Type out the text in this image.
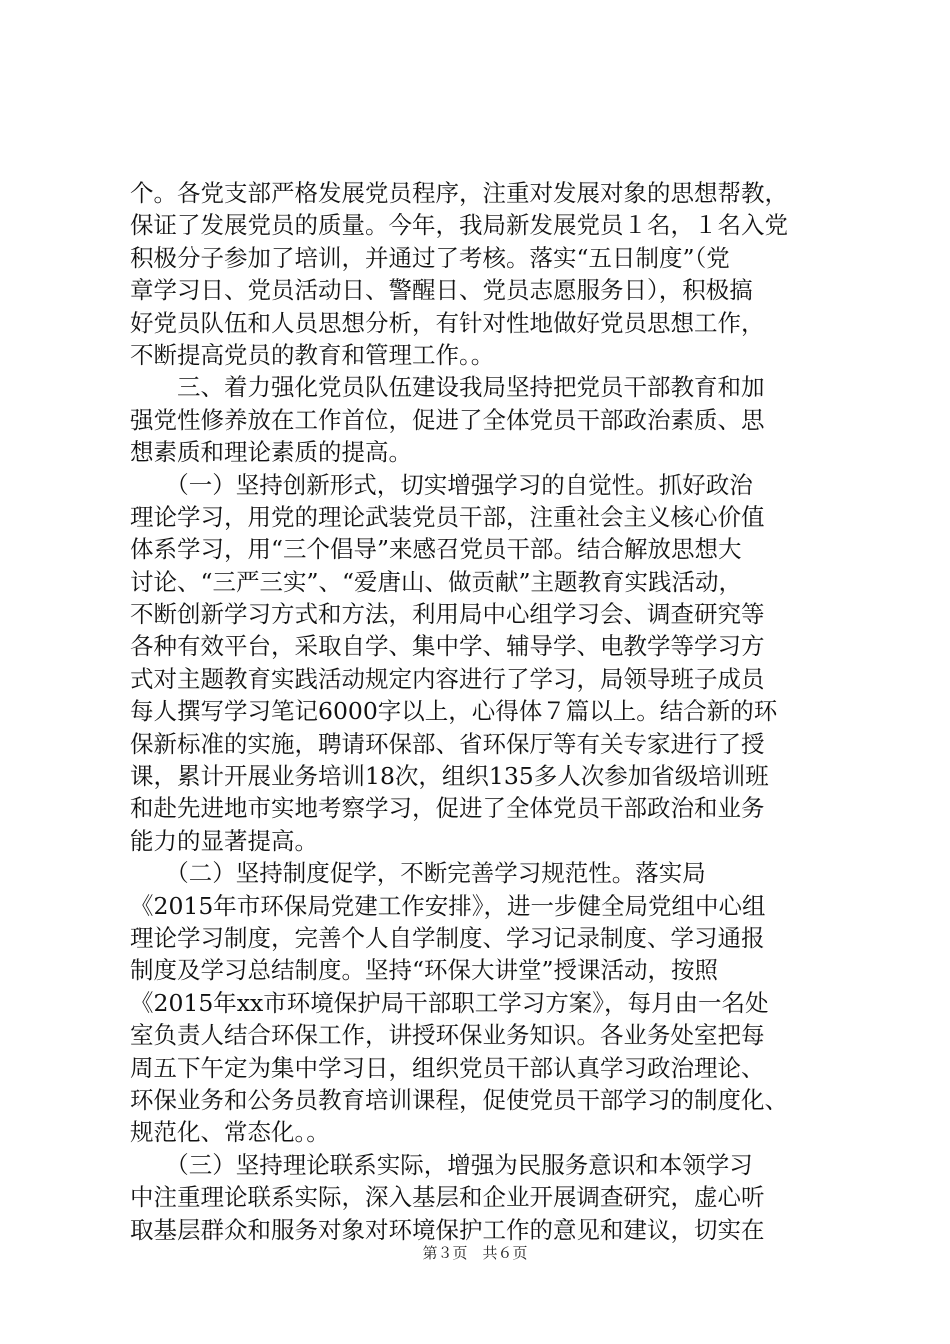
个。各党支部严格发展党员程序，注重对发展对象的思想帮教，
保证了发展党员的质量。今年，我局新发展党员１名，１名入党
积极分子参加了培训，并通过了考核。落实“五日制度”（党
章学习日、党员活动日、警醒日、党员志愿服务日），积极搞
好党员队伍和人员思想分析，有针对性地做好党员思想工作，
不断提高党员的教育和管理工作。。
　　三、着力强化党员队伍建设我局坚持把党员干部教育和加
强党性修养放在工作首位，促进了全体党员干部政治素质、思
想素质和理论素质的提高。
　　（一）坚持创新形式，切实增强学习的自觉性。抓好政治
理论学习，用党的理论武装党员干部，注重社会主义核心价值
体系学习，用“三个倡导”来感召党员干部。结合解放思想大
讨论、“三严三实”、“爱唐山、做贡献”主题教育实践活动，
不断创新学习方式和方法，利用局中心组学习会、调查研究等
各种有效平台，采取自学、集中学、辅导学、电教学等学习方
式对主题教育实践活动规定内容进行了学习，局领导班子成员
每人撰写学习笔记6000字以上，心得体７篇以上。结合新的环
保新标准的实施，聘请环保部、省环保厅等有关专家进行了授
课，累计开展业务培训18次，组织135多人次参加省级培训班
和赴先进地市实地考察学习，促进了全体党员干部政治和业务
能力的显著提高。
　　（二）坚持制度促学，不断完善学习规范性。落实局
《2015年市环保局党建工作安排》，进一步健全局党组中心组
理论学习制度，完善个人自学制度、学习记录制度、学习通报
制度及学习总结制度。坚持“环保大讲堂”授课活动，按照
《2015年xx市环境保护局干部职工学习方案》，每月由一名处
室负责人结合环保工作，讲授环保业务知识。各业务处室把每
周五下午定为集中学习日，组织党员干部认真学习政治理论、
环保业务和公务员教育培训课程，促使党员干部学习的制度化、
规范化、常态化。。
　　（三）坚持理论联系实际，增强为民服务意识和本领学习
中注重理论联系实际，深入基层和企业开展调查研究，虚心听
取基层群众和服务对象对环境保护工作的意见和建议，切实在
第３页　共６页
